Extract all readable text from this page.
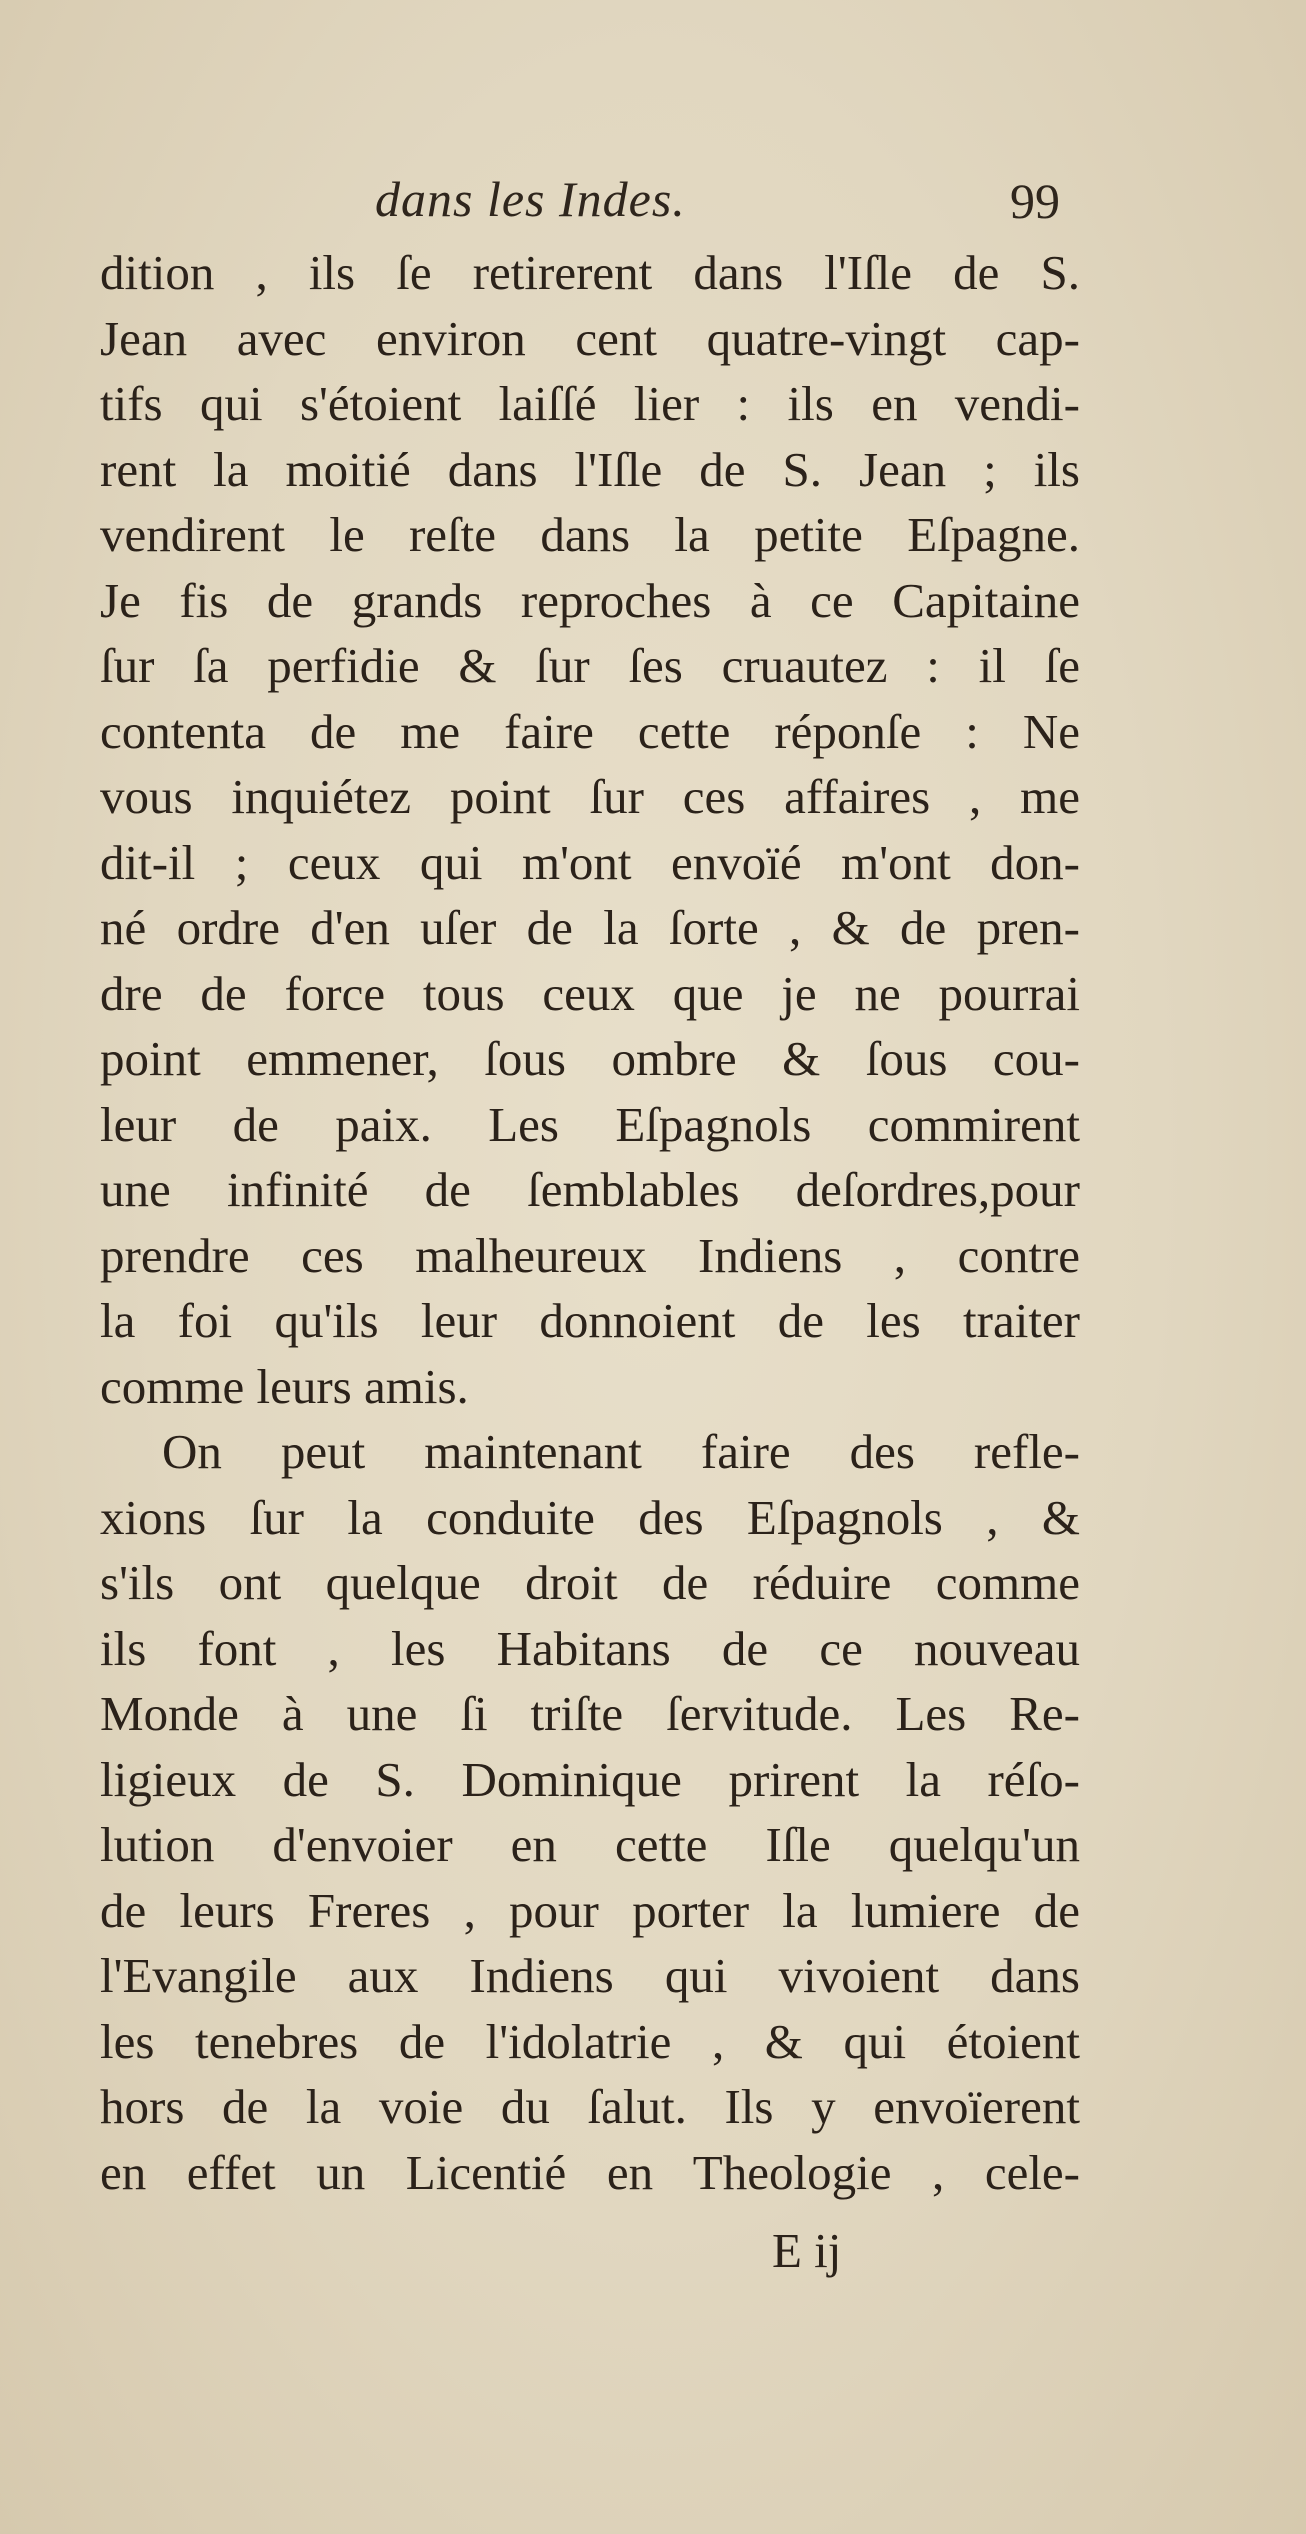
dans les Indes.	99
dition , ils ſe retirerent dans l'Iſle de S.
Jean avec environ cent quatre-vingt cap-
tifs qui s'étoient laiſſé lier : ils en vendi-
rent la moitié dans l'Iſle de S. Jean ; ils
vendirent le reſte dans la petite Eſpagne.
Je fis de grands reproches à ce Capitaine
ſur ſa perfidie & ſur ſes cruautez : il ſe
contenta de me faire cette réponſe : Ne
vous inquiétez point ſur ces affaires , me
dit-il ; ceux qui m'ont envoïé m'ont don-
né ordre d'en uſer de la ſorte , & de pren-
dre de force tous ceux que je ne pourrai
point emmener, ſous ombre & ſous cou-
leur de paix. Les Eſpagnols commirent
une infinité de ſemblables deſordres,pour
prendre ces malheureux Indiens , contre
la foi qu'ils leur donnoient de les traiter
comme leurs amis.
On peut maintenant faire des refle-
xions ſur la conduite des Eſpagnols , &
s'ils ont quelque droit de réduire comme
ils font , les Habitans de ce nouveau
Monde à une ſi triſte ſervitude. Les Re-
ligieux de S. Dominique prirent la réſo-
lution d'envoier en cette Iſle quelqu'un
de leurs Freres , pour porter la lumiere de
l'Evangile aux Indiens qui vivoient dans
les tenebres de l'idolatrie , & qui étoient
hors de la voie du ſalut. Ils y envoïerent
en effet un Licentié en Theologie , cele-
E ij
